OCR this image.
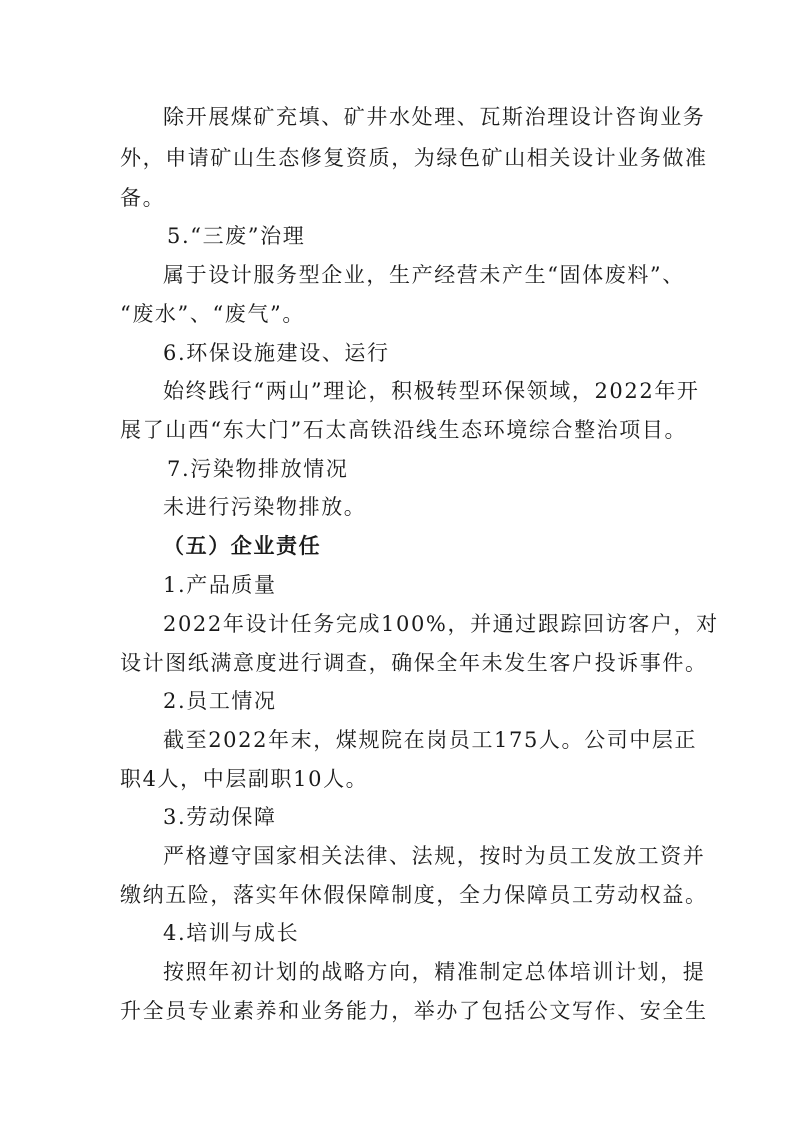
除开展煤矿充填、矿井水处理、瓦斯治理设计咨询业务
外，申请矿山生态修复资质，为绿色矿山相关设计业务做准
备。
5.“三废”治理
属于设计服务型企业，生产经营未产生“固体废料”、
“废水”、“废气”。
6.环保设施建设、运行
始终践行“两山”理论，积极转型环保领域，2022年开
展了山西“东大门”石太高铁沿线生态环境综合整治项目。
7.污染物排放情况
未进行污染物排放。
（五）企业责任
1.产品质量
2022年设计任务完成100%，并通过跟踪回访客户，对
设计图纸满意度进行调查，确保全年未发生客户投诉事件。
2.员工情况
截至2022年末，煤规院在岗员工175人。公司中层正
职4人，中层副职10人。
3.劳动保障
严格遵守国家相关法律、法规，按时为员工发放工资并
缴纳五险，落实年休假保障制度，全力保障员工劳动权益。
4.培训与成长
按照年初计划的战略方向，精准制定总体培训计划，提
升全员专业素养和业务能力，举办了包括公文写作、安全生
